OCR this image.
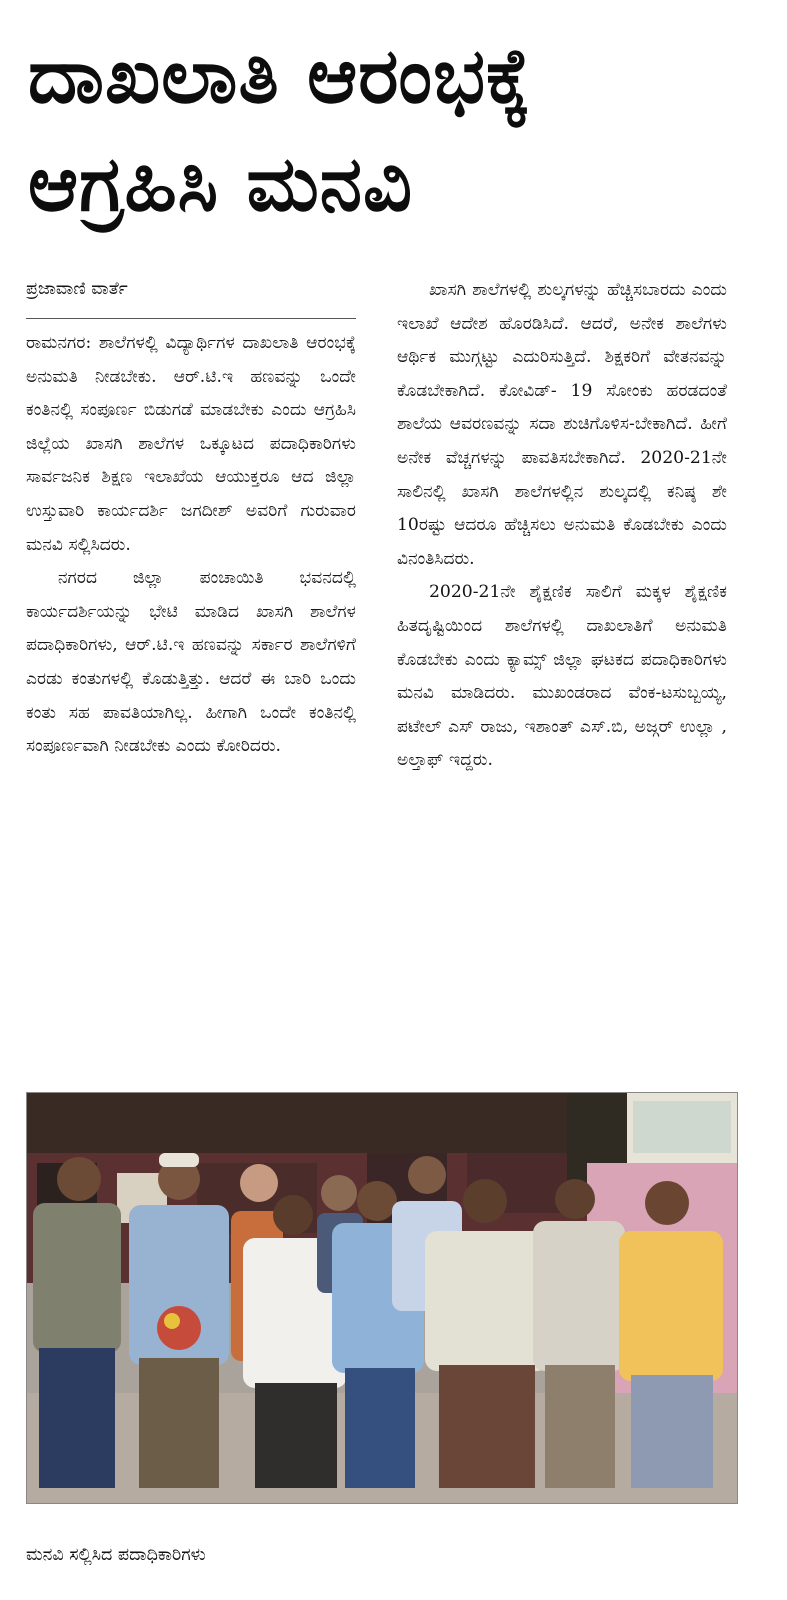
ದಾಖಲಾತಿ ಆರಂಭಕ್ಕೆ
ಆಗ್ರಹಿಸಿ ಮನವಿ
ಪ್ರಜಾವಾಣಿ ವಾರ್ತೆ

ರಾಮನಗರ: ಶಾಲೆಗಳಲ್ಲಿ ವಿದ್ಯಾರ್ಥಿಗಳ ದಾಖಲಾತಿ ಆರಂಭಕ್ಕೆ ಅನುಮತಿ ನೀಡಬೇಕು. ಆರ್.ಟಿ.ಇ ಹಣವನ್ನು ಒಂದೇ ಕಂತಿನಲ್ಲಿ ಸಂಪೂರ್ಣ ಬಿಡುಗಡೆ ಮಾಡಬೇಕು ಎಂದು ಆಗ್ರಹಿಸಿ ಜಿಲ್ಲೆಯ ಖಾಸಗಿ ಶಾಲೆಗಳ ಒಕ್ಕೂಟದ ಪದಾಧಿಕಾರಿಗಳು ಸಾರ್ವಜನಿಕ ಶಿಕ್ಷಣ ಇಲಾಖೆಯ ಆಯುಕ್ತರೂ ಆದ ಜಿಲ್ಲಾ ಉಸ್ತುವಾರಿ ಕಾರ್ಯದರ್ಶಿ ಜಗದೀಶ್ ಅವರಿಗೆ ಗುರುವಾರ ಮನವಿ ಸಲ್ಲಿಸಿದರು.

ನಗರದ ಜಿಲ್ಲಾ ಪಂಚಾಯಿತಿ ಭವನದಲ್ಲಿ ಕಾರ್ಯದರ್ಶಿಯನ್ನು ಭೇಟಿ ಮಾಡಿದ ಖಾಸಗಿ ಶಾಲೆಗಳ ಪದಾಧಿಕಾರಿಗಳು, ಆರ್.ಟಿ.ಇ ಹಣವನ್ನು ಸರ್ಕಾರ ಶಾಲೆಗಳಿಗೆ ಎರಡು ಕಂತುಗಳಲ್ಲಿ ಕೊಡುತ್ತಿತ್ತು. ಆದರೆ ಈ ಬಾರಿ ಒಂದು ಕಂತು ಸಹ ಪಾವತಿಯಾಗಿಲ್ಲ. ಹೀಗಾಗಿ ಒಂದೇ ಕಂತಿನಲ್ಲಿ ಸಂಪೂರ್ಣವಾಗಿ ನೀಡಬೇಕು ಎಂದು ಕೋರಿದರು.

ಖಾಸಗಿ ಶಾಲೆಗಳಲ್ಲಿ ಶುಲ್ಕಗಳನ್ನು ಹೆಚ್ಚಿಸಬಾರದು ಎಂದು ಇಲಾಖೆ ಆದೇಶ ಹೊರಡಿಸಿದೆ. ಆದರೆ, ಅನೇಕ ಶಾಲೆಗಳು ಆರ್ಥಿಕ ಮುಗ್ಗಟ್ಟು ಎದುರಿಸುತ್ತಿದೆ. ಶಿಕ್ಷಕರಿಗೆ ವೇತನವನ್ನು ಕೊಡಬೇಕಾಗಿದೆ. ಕೋವಿಡ್- 19 ಸೋಂಕು ಹರಡದಂತೆ ಶಾಲೆಯ ಆವರಣವನ್ನು ಸದಾ ಶುಚಿಗೊಳಿಸ-ಬೇಕಾಗಿದೆ. ಹೀಗೆ ಅನೇಕ ವೆಚ್ಚಗಳನ್ನು ಪಾವತಿಸಬೇಕಾಗಿದೆ. 2020-21ನೇ ಸಾಲಿನಲ್ಲಿ ಖಾಸಗಿ ಶಾಲೆಗಳಲ್ಲಿನ ಶುಲ್ಕದಲ್ಲಿ ಕನಿಷ್ಠ ಶೇ 10ರಷ್ಟು ಆದರೂ ಹೆಚ್ಚಿಸಲು ಅನುಮತಿ ಕೊಡಬೇಕು ಎಂದು ವಿನಂತಿಸಿದರು.

2020-21ನೇ ಶೈಕ್ಷಣಿಕ ಸಾಲಿಗೆ ಮಕ್ಕಳ ಶೈಕ್ಷಣಿಕ ಹಿತದೃಷ್ಟಿಯಿಂದ ಶಾಲೆಗಳಲ್ಲಿ ದಾಖಲಾತಿಗೆ ಅನುಮತಿ ಕೊಡಬೇಕು ಎಂದು ಕ್ಯಾಮ್ಸ್ ಜಿಲ್ಲಾ ಘಟಕದ ಪದಾಧಿಕಾರಿಗಳು ಮನವಿ ಮಾಡಿದರು. ಮುಖಂಡರಾದ ವೆಂಕ-ಟಸುಬ್ಬಯ್ಯ, ಪಟೇಲ್ ಎಸ್ ರಾಜು, ಇಶಾಂತ್ ಎಸ್.ಬಿ, ಅಜ್ಗರ್ ಉಲ್ಲಾ , ಅಲ್ತಾಫ್ ಇದ್ದರು.

ಮನವಿ ಸಲ್ಲಿಸಿದ ಪದಾಧಿಕಾರಿಗಳು
